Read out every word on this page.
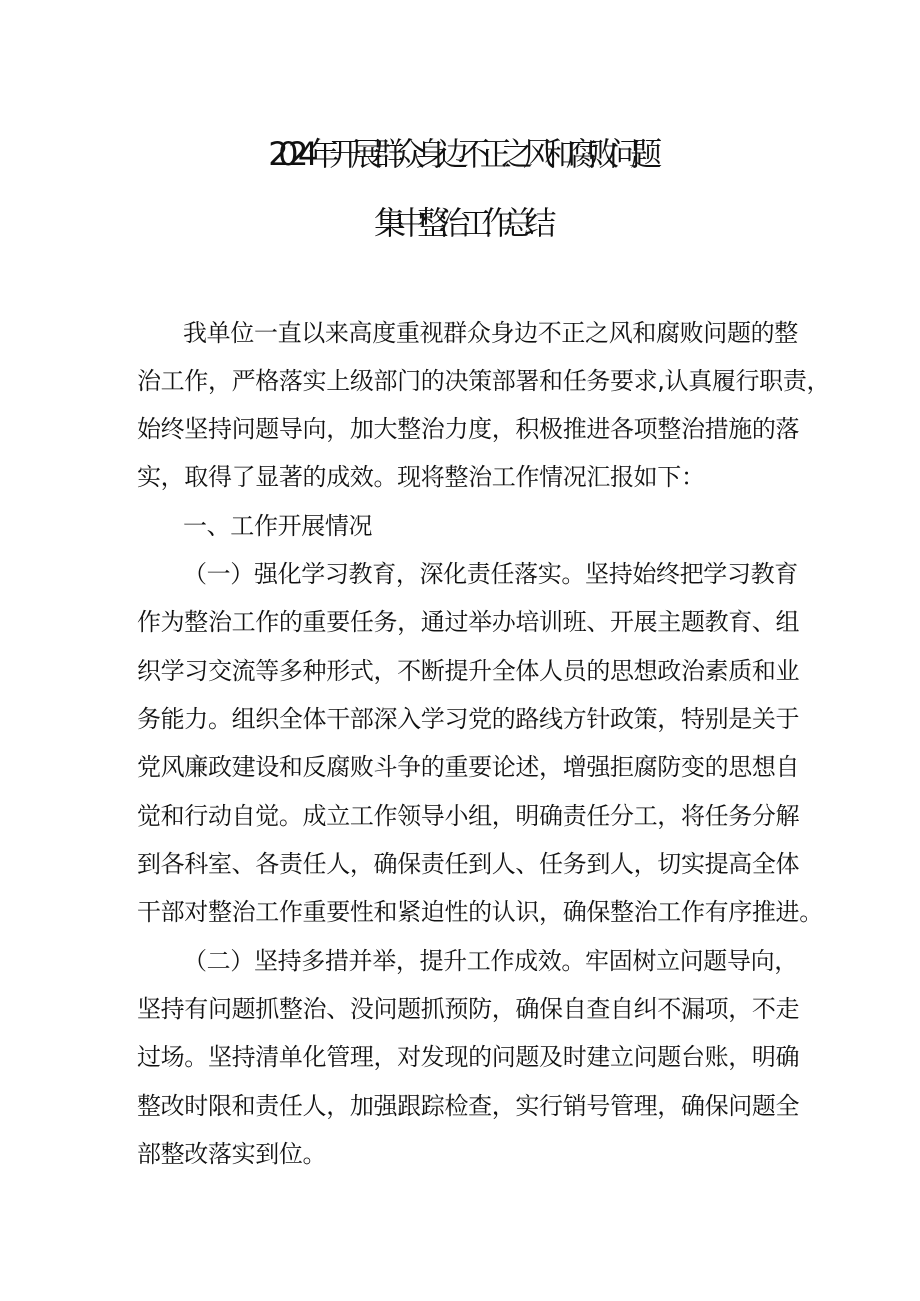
2024年开展群众身边不正之风和腐败问题
集中整治工作总结

我单位一直以来高度重视群众身边不正之风和腐败问题的整

治工作，严格落实上级部门的决策部署和任务要求,认真履行职责，

始终坚持问题导向，加大整治力度，积极推进各项整治措施的落

实，取得了显著的成效。现将整治工作情况汇报如下：

一、工作开展情况

（一）强化学习教育，深化责任落实。坚持始终把学习教育

作为整治工作的重要任务，通过举办培训班、开展主题教育、组

织学习交流等多种形式，不断提升全体人员的思想政治素质和业

务能力。组织全体干部深入学习党的路线方针政策，特别是关于

党风廉政建设和反腐败斗争的重要论述，增强拒腐防变的思想自

觉和行动自觉。成立工作领导小组，明确责任分工，将任务分解

到各科室、各责任人，确保责任到人、任务到人，切实提高全体

干部对整治工作重要性和紧迫性的认识，确保整治工作有序推进。

（二）坚持多措并举，提升工作成效。牢固树立问题导向，

坚持有问题抓整治、没问题抓预防，确保自查自纠不漏项，不走

过场。坚持清单化管理，对发现的问题及时建立问题台账，明确

整改时限和责任人，加强跟踪检查，实行销号管理，确保问题全

部整改落实到位。
